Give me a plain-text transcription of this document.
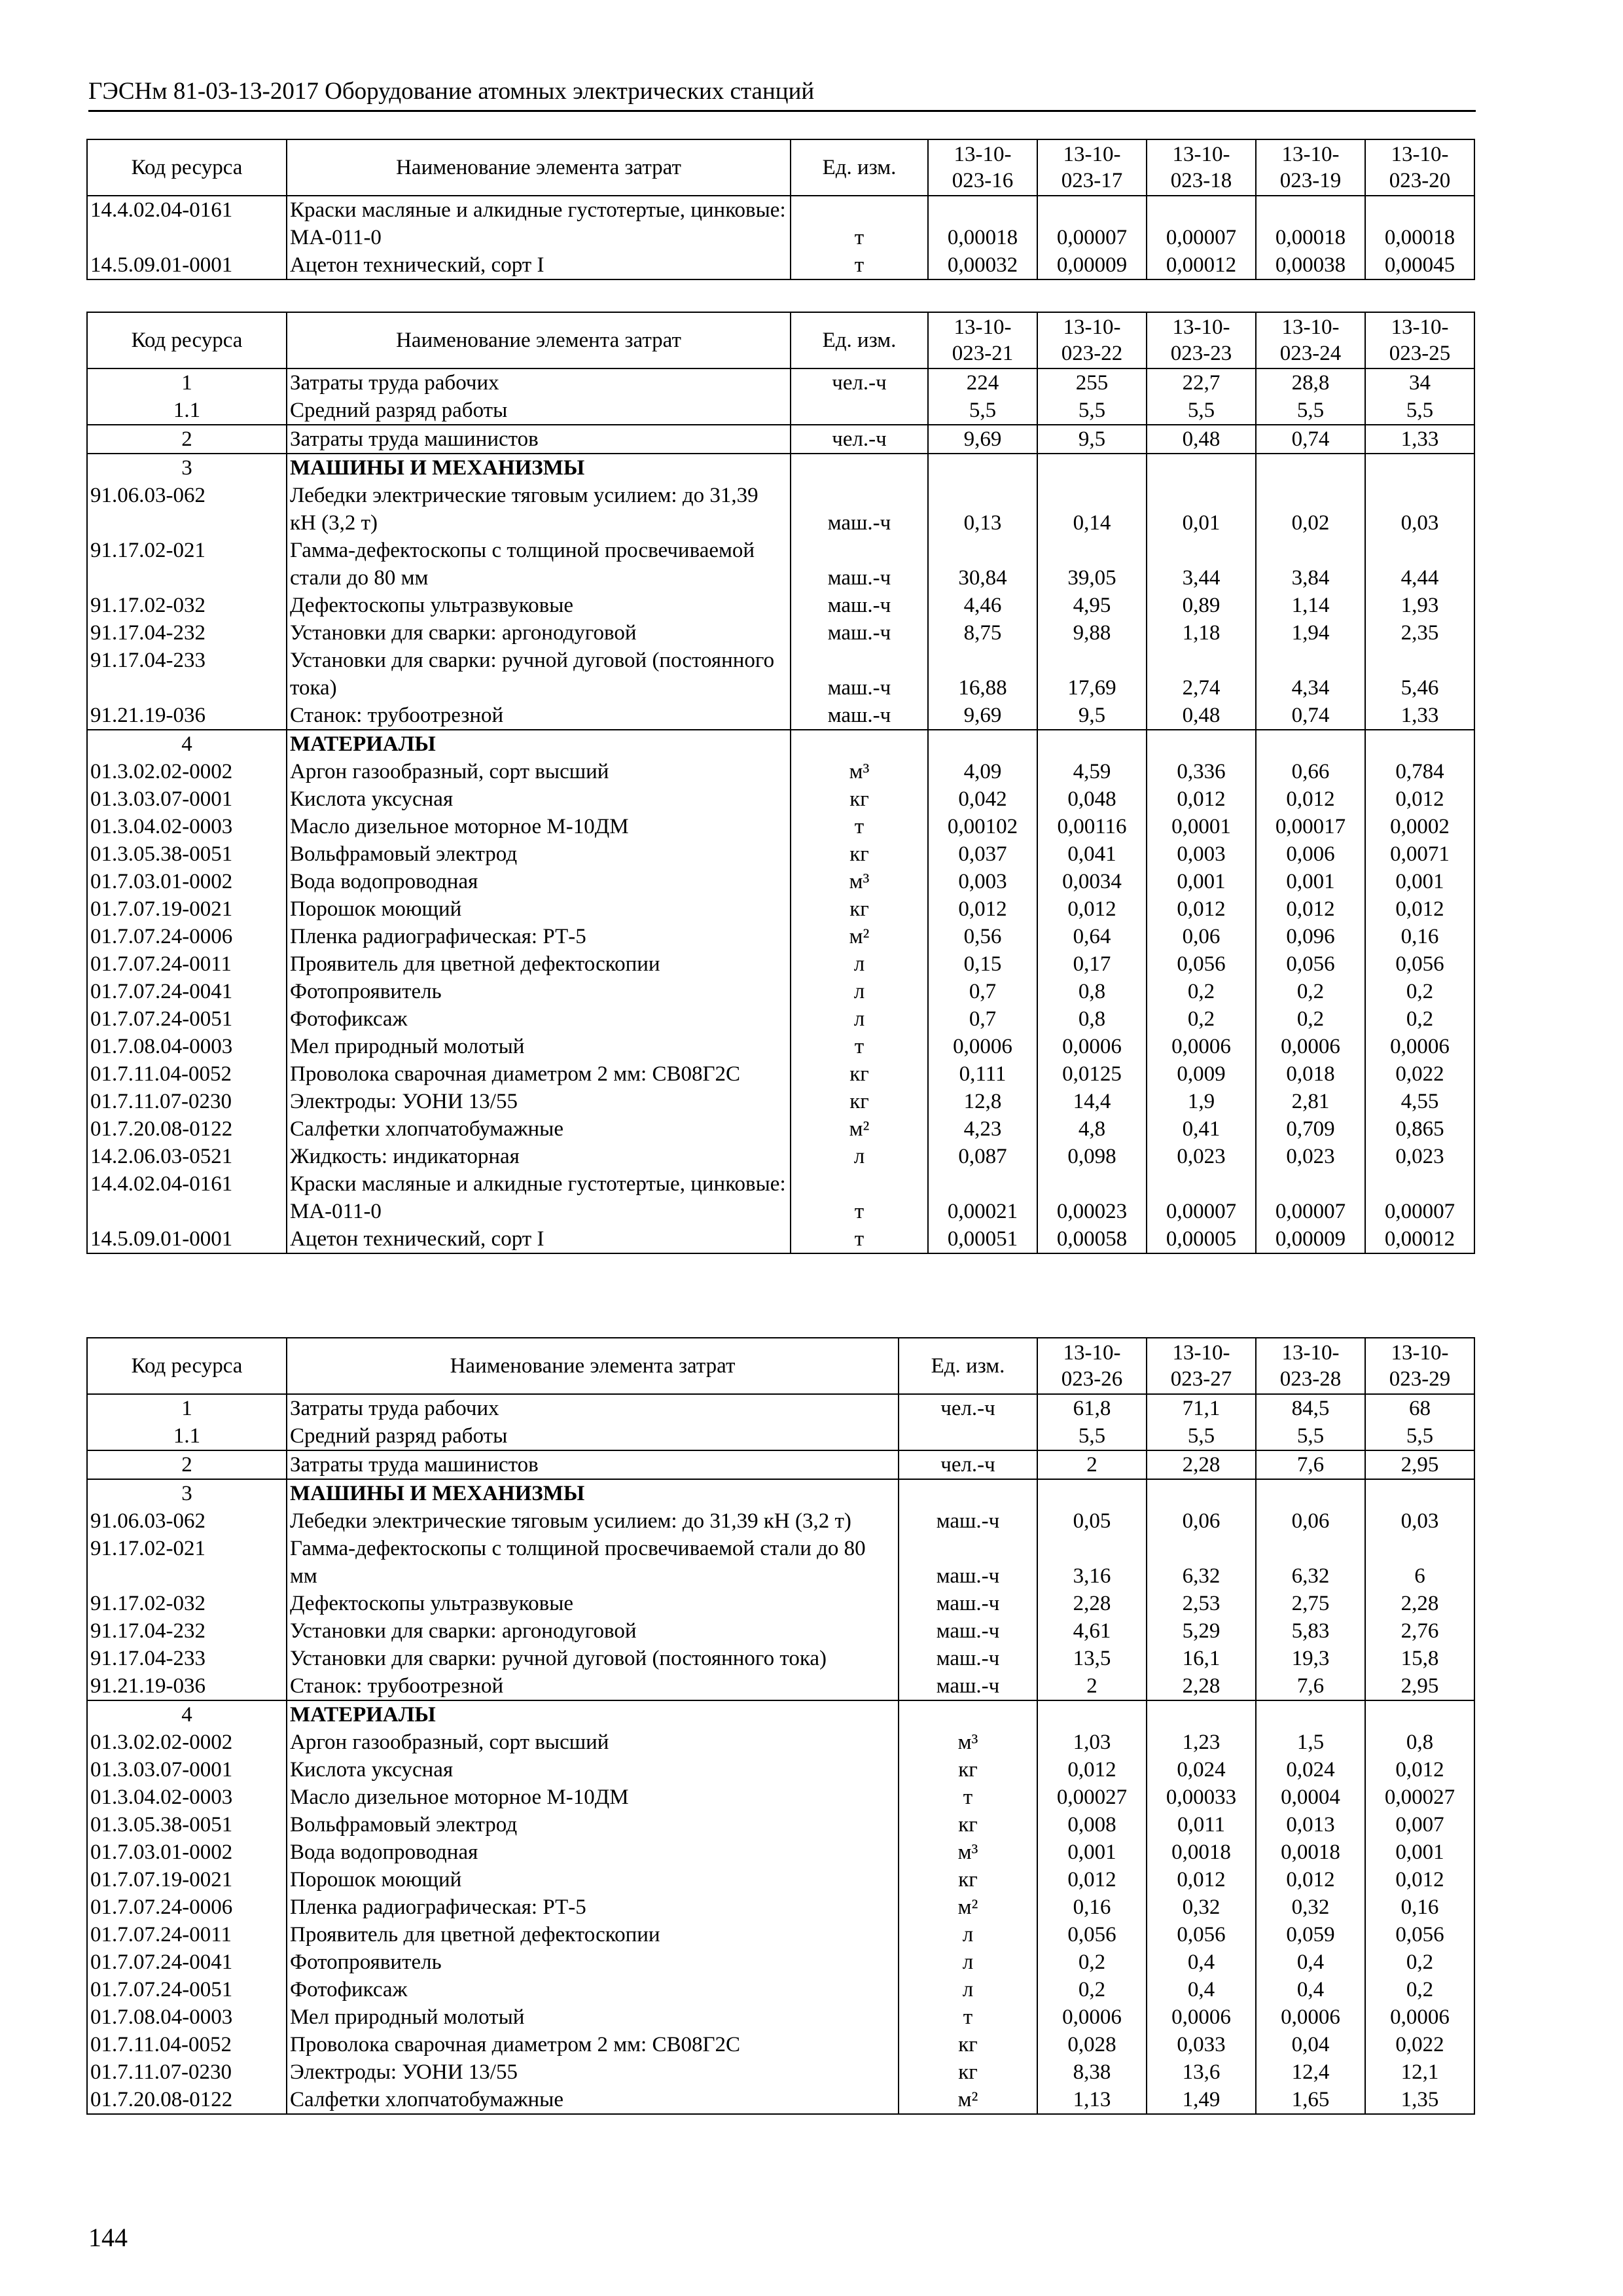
ГЭСНм 81-03-13-2017 Оборудование атомных электрических станций
Код ресурса	Наименование элемента затрат	Ед. изм.	13-10-023-16	13-10-023-17	13-10-023-18	13-10-023-19	13-10-023-20
14.4.02.04-0161	Краски масляные и алкидные густотертые, цинковые: МА-011-0	т	0,00018	0,00007	0,00007	0,00018	0,00018
14.5.09.01-0001	Ацетон технический, сорт I	т	0,00032	0,00009	0,00012	0,00038	0,00045
Код ресурса	Наименование элемента затрат	Ед. изм.	13-10-023-21	13-10-023-22	13-10-023-23	13-10-023-24	13-10-023-25
1	Затраты труда рабочих	чел.-ч	224	255	22,7	28,8	34
1.1	Средний разряд работы		5,5	5,5	5,5	5,5	5,5
2	Затраты труда машинистов	чел.-ч	9,69	9,5	0,48	0,74	1,33
3	МАШИНЫ И МЕХАНИЗМЫ						
91.06.03-062	Лебедки электрические тяговым усилием: до 31,39 кН (3,2 т)	маш.-ч	0,13	0,14	0,01	0,02	0,03
91.17.02-021	Гамма-дефектоскопы с толщиной просвечиваемой стали до 80 мм	маш.-ч	30,84	39,05	3,44	3,84	4,44
91.17.02-032	Дефектоскопы ультразвуковые	маш.-ч	4,46	4,95	0,89	1,14	1,93
91.17.04-232	Установки для сварки: аргонодуговой	маш.-ч	8,75	9,88	1,18	1,94	2,35
91.17.04-233	Установки для сварки: ручной дуговой (постоянного тока)	маш.-ч	16,88	17,69	2,74	4,34	5,46
91.21.19-036	Станок: трубоотрезной	маш.-ч	9,69	9,5	0,48	0,74	1,33
4	МАТЕРИАЛЫ						
01.3.02.02-0002	Аргон газообразный, сорт высший	м³	4,09	4,59	0,336	0,66	0,784
01.3.03.07-0001	Кислота уксусная	кг	0,042	0,048	0,012	0,012	0,012
01.3.04.02-0003	Масло дизельное моторное М-10ДМ	т	0,00102	0,00116	0,0001	0,00017	0,0002
01.3.05.38-0051	Вольфрамовый электрод	кг	0,037	0,041	0,003	0,006	0,0071
01.7.03.01-0002	Вода водопроводная	м³	0,003	0,0034	0,001	0,001	0,001
01.7.07.19-0021	Порошок моющий	кг	0,012	0,012	0,012	0,012	0,012
01.7.07.24-0006	Пленка радиографическая: РТ-5	м²	0,56	0,64	0,06	0,096	0,16
01.7.07.24-0011	Проявитель для цветной дефектоскопии	л	0,15	0,17	0,056	0,056	0,056
01.7.07.24-0041	Фотопроявитель	л	0,7	0,8	0,2	0,2	0,2
01.7.07.24-0051	Фотофиксаж	л	0,7	0,8	0,2	0,2	0,2
01.7.08.04-0003	Мел природный молотый	т	0,0006	0,0006	0,0006	0,0006	0,0006
01.7.11.04-0052	Проволока сварочная диаметром 2 мм: СВ08Г2С	кг	0,111	0,0125	0,009	0,018	0,022
01.7.11.07-0230	Электроды: УОНИ 13/55	кг	12,8	14,4	1,9	2,81	4,55
01.7.20.08-0122	Салфетки хлопчатобумажные	м²	4,23	4,8	0,41	0,709	0,865
14.2.06.03-0521	Жидкость: индикаторная	л	0,087	0,098	0,023	0,023	0,023
14.4.02.04-0161	Краски масляные и алкидные густотертые, цинковые: МА-011-0	т	0,00021	0,00023	0,00007	0,00007	0,00007
14.5.09.01-0001	Ацетон технический, сорт I	т	0,00051	0,00058	0,00005	0,00009	0,00012
Код ресурса	Наименование элемента затрат	Ед. изм.	13-10-023-26	13-10-023-27	13-10-023-28	13-10-023-29
1	Затраты труда рабочих	чел.-ч	61,8	71,1	84,5	68
1.1	Средний разряд работы		5,5	5,5	5,5	5,5
2	Затраты труда машинистов	чел.-ч	2	2,28	7,6	2,95
3	МАШИНЫ И МЕХАНИЗМЫ					
91.06.03-062	Лебедки электрические тяговым усилием: до 31,39 кН (3,2 т)	маш.-ч	0,05	0,06	0,06	0,03
91.17.02-021	Гамма-дефектоскопы с толщиной просвечиваемой стали до 80 мм	маш.-ч	3,16	6,32	6,32	6
91.17.02-032	Дефектоскопы ультразвуковые	маш.-ч	2,28	2,53	2,75	2,28
91.17.04-232	Установки для сварки: аргонодуговой	маш.-ч	4,61	5,29	5,83	2,76
91.17.04-233	Установки для сварки: ручной дуговой (постоянного тока)	маш.-ч	13,5	16,1	19,3	15,8
91.21.19-036	Станок: трубоотрезной	маш.-ч	2	2,28	7,6	2,95
4	МАТЕРИАЛЫ					
01.3.02.02-0002	Аргон газообразный, сорт высший	м³	1,03	1,23	1,5	0,8
01.3.03.07-0001	Кислота уксусная	кг	0,012	0,024	0,024	0,012
01.3.04.02-0003	Масло дизельное моторное М-10ДМ	т	0,00027	0,00033	0,0004	0,00027
01.3.05.38-0051	Вольфрамовый электрод	кг	0,008	0,011	0,013	0,007
01.7.03.01-0002	Вода водопроводная	м³	0,001	0,0018	0,0018	0,001
01.7.07.19-0021	Порошок моющий	кг	0,012	0,012	0,012	0,012
01.7.07.24-0006	Пленка радиографическая: РТ-5	м²	0,16	0,32	0,32	0,16
01.7.07.24-0011	Проявитель для цветной дефектоскопии	л	0,056	0,056	0,059	0,056
01.7.07.24-0041	Фотопроявитель	л	0,2	0,4	0,4	0,2
01.7.07.24-0051	Фотофиксаж	л	0,2	0,4	0,4	0,2
01.7.08.04-0003	Мел природный молотый	т	0,0006	0,0006	0,0006	0,0006
01.7.11.04-0052	Проволока сварочная диаметром 2 мм: СВ08Г2С	кг	0,028	0,033	0,04	0,022
01.7.11.07-0230	Электроды: УОНИ 13/55	кг	8,38	13,6	12,4	12,1
01.7.20.08-0122	Салфетки хлопчатобумажные	м²	1,13	1,49	1,65	1,35
144
